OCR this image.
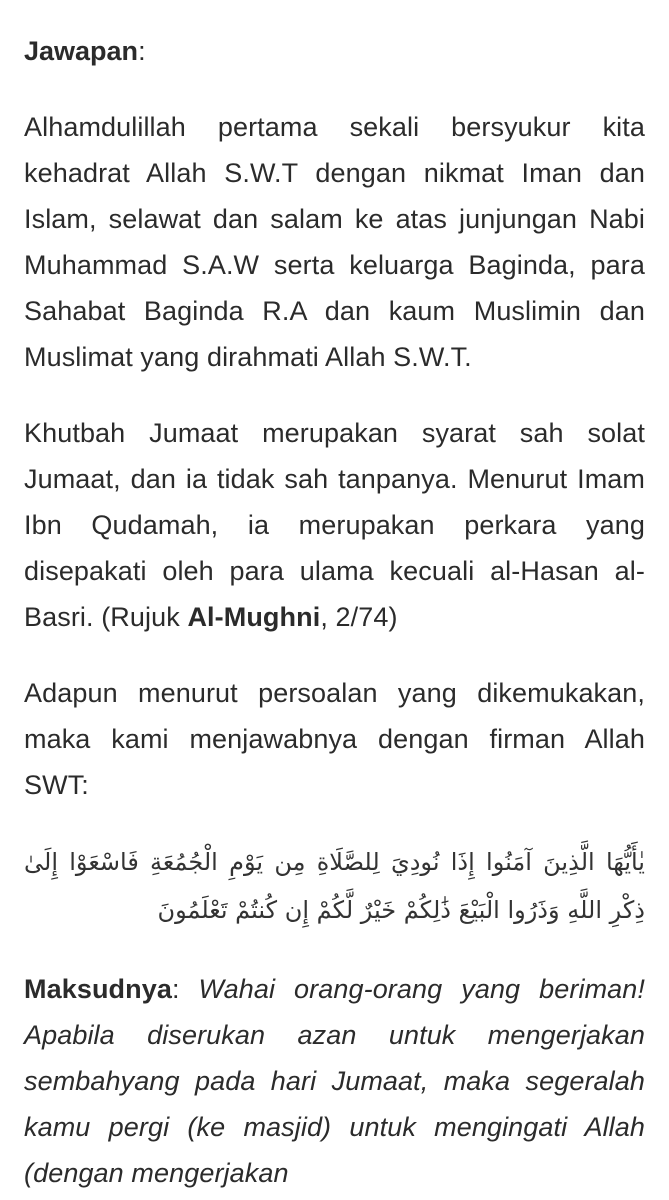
Jawapan:

Alhamdulillah pertama sekali bersyukur kita kehadrat Allah S.W.T dengan nikmat Iman dan Islam, selawat dan salam ke atas junjungan Nabi Muhammad S.A.W serta keluarga Baginda, para Sahabat Baginda R.A dan kaum Muslimin dan Muslimat yang dirahmati Allah S.W.T.

Khutbah Jumaat merupakan syarat sah solat Jumaat, dan ia tidak sah tanpanya. Menurut Imam Ibn Qudamah, ia merupakan perkara yang disepakati oleh para ulama kecuali al-Hasan al-Basri. (Rujuk Al-Mughni, 2/74)

Adapun menurut persoalan yang dikemukakan, maka kami menjawabnya dengan firman Allah SWT:

يٰأَيُّهَا الَّذِينَ آمَنُوا إِذَا نُودِيَ لِلصَّلَاةِ مِن يَوْمِ الْجُمُعَةِ فَاسْعَوْا إِلَىٰ ذِكْرِ اللَّهِ وَذَرُوا الْبَيْعَ ذَٰلِكُمْ خَيْرٌ لَّكُمْ إِن كُنتُمْ تَعْلَمُونَ

Maksudnya: Wahai orang-orang yang beriman! Apabila diserukan azan untuk mengerjakan sembahyang pada hari Jumaat, maka segeralah kamu pergi (ke masjid) untuk mengingati Allah (dengan mengerjakan
